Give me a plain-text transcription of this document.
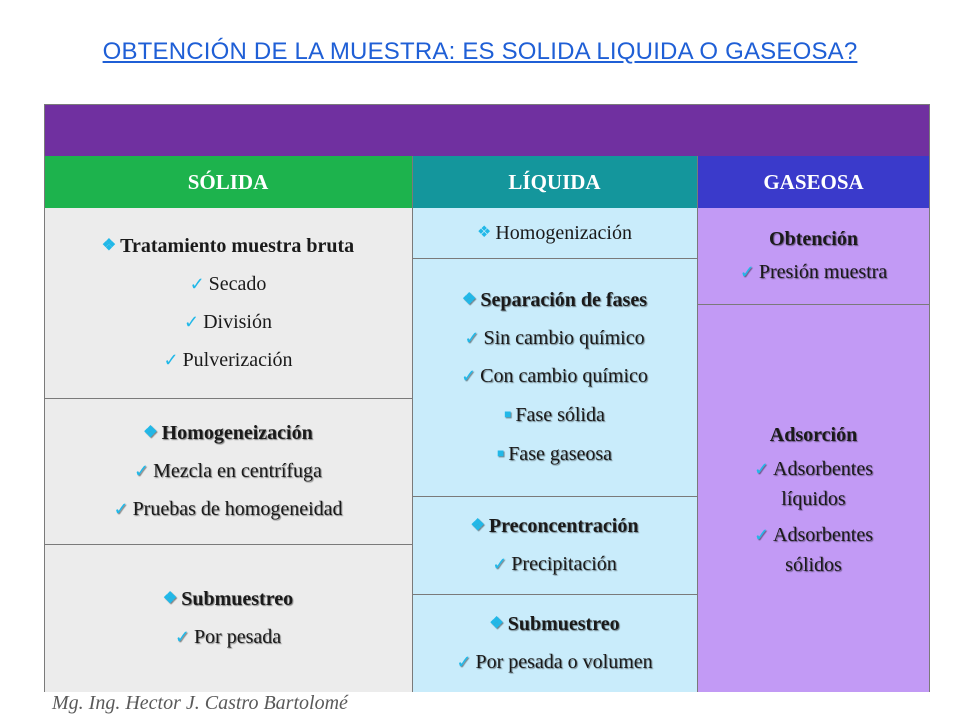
OBTENCIÓN DE LA MUESTRA: ES SOLIDA LIQUIDA O GASEOSA?
SÓLIDA	LÍQUIDA	GASEOSA
❖ Tratamiento muestra bruta
✓ Secado
✓ División
✓ Pulverización
❖ Homogeneización
✓ Mezcla en centrífuga
✓ Pruebas de homogeneidad
❖ Submuestreo
✓ Por pesada
❖ Homogenización
❖ Separación de fases
✓ Sin cambio químico
✓ Con cambio químico
■ Fase sólida
■ Fase gaseosa
❖ Preconcentración
✓ Precipitación
❖ Submuestreo
✓ Por pesada o volumen
Obtención
✓ Presión muestra
Adsorción
✓ Adsorbentes líquidos
✓ Adsorbentes sólidos
Mg. Ing. Hector J. Castro Bartolomé
